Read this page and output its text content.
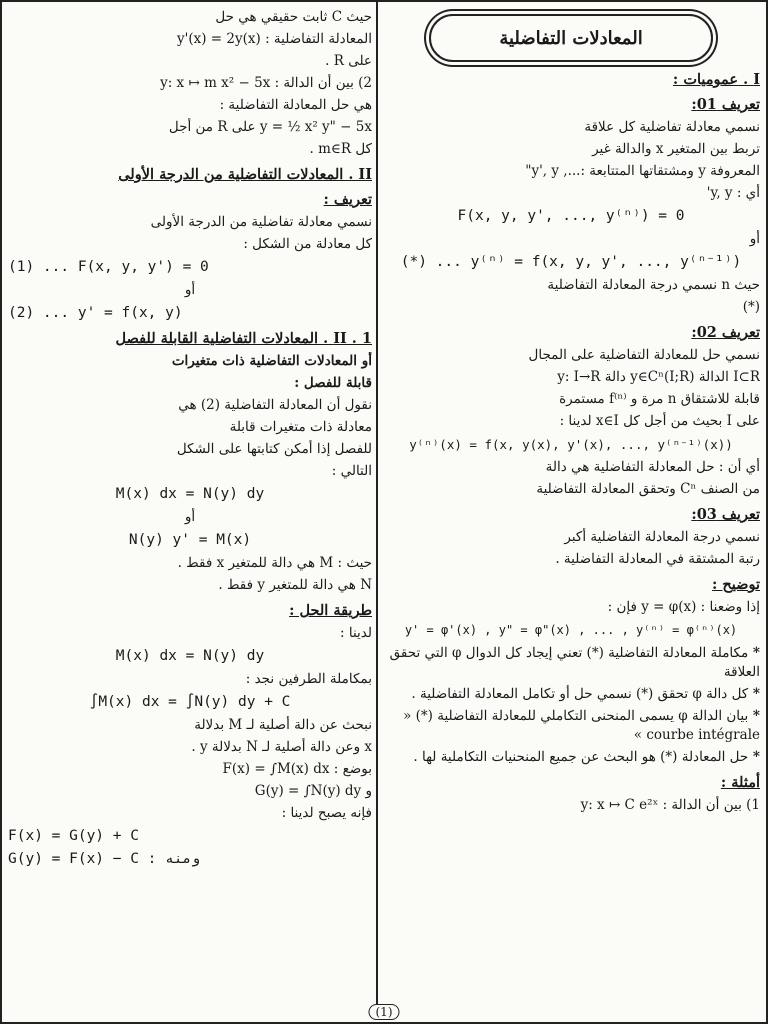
المعادلات التفاضلية
I . عموميات :
تعريف 01:
نسمي معادلة تفاضلية كل علاقة
تربط بين المتغير x والدالة غير
المعروفة y ومشتقاتها المتتابعة :..., y', y"
أي : y, y'
F(x, y, y', ..., y⁽ⁿ⁾) = 0
أو
(*) ... y⁽ⁿ⁾ = f(x, y, y', ..., y⁽ⁿ⁻¹⁾)
حيث n نسمي درجة المعادلة التفاضلية
(*)
تعريف 02:
نسمي حل للمعادلة التفاضلية على المجال
I⊂R الدالة y∈Cⁿ(I;R) دالة y: I→R
قابلة للاشتقاق n مرة و f⁽ⁿ⁾ مستمرة
على I بحيث من أجل كل x∈I لدينا :
y⁽ⁿ⁾(x) = f(x, y(x), y'(x), ..., y⁽ⁿ⁻¹⁾(x))
أي أن : حل المعادلة التفاضلية هي دالة
من الصنف Cⁿ وتحقق المعادلة التفاضلية
تعريف 03:
نسمي درجة المعادلة التفاضلية أكبر
رتبة المشتقة في المعادلة التفاضلية .
توضيح :
إذا وضعنا : y = φ(x) فإن :
y' = φ'(x) , y" = φ"(x) , ... , y⁽ⁿ⁾ = φ⁽ⁿ⁾(x)
* مكاملة المعادلة التفاضلية (*) تعني إيجاد كل الدوال φ التي تحقق العلاقة
* كل دالة φ تحقق (*) نسمي حل أو تكامل المعادلة التفاضلية .
* بيان الدالة φ يسمى المنحنى التكاملي للمعادلة التفاضلية (*) « courbe intégrale »
* حل المعادلة (*) هو البحث عن جميع المنحنيات التكاملية لها .
أمثلة :
1) بين أن الدالة : y: x ↦ C e²ˣ
حيث C ثابت حقيقي هي حل
المعادلة التفاضلية : y'(x) = 2y(x)
على R .
2) بين أن الدالة : y: x ↦ m x² − 5x
هي حل المعادلة التفاضلية :
y = ½ x² y" − 5x على R من أجل
كل m∈R .
II . المعادلات التفاضلية من الدرجة الأولى
تعريف :
نسمي معادلة تفاضلية من الدرجة الأولى
كل معادلة من الشكل :
(1) ... F(x, y, y') = 0
أو
(2) ... y' = f(x, y)
II . 1 . المعادلات التفاضلية القابلة للفصل
أو المعادلات التفاضلية ذات متغيرات
قابلة للفصل :
نقول أن المعادلة التفاضلية (2) هي
معادلة ذات متغيرات قابلة
للفصل إذا أمكن كتابتها على الشكل
التالي :
M(x) dx = N(y) dy
أو
N(y) y' = M(x)
حيث : M هي دالة للمتغير x فقط .
N هي دالة للمتغير y فقط .
طريقة الحل :
لدينا :
M(x) dx = N(y) dy
بمكاملة الطرفين نجد :
∫M(x) dx = ∫N(y) dy + C
نبحث عن دالة أصلية لـ M بدلالة
x وعن دالة أصلية لـ N بدلالة y .
بوضع : F(x) = ∫M(x) dx
و G(y) = ∫N(y) dy
فإنه يصبح لدينا :
F(x) = G(y) + C
G(y) = F(x) − C : ومنه
(1)
